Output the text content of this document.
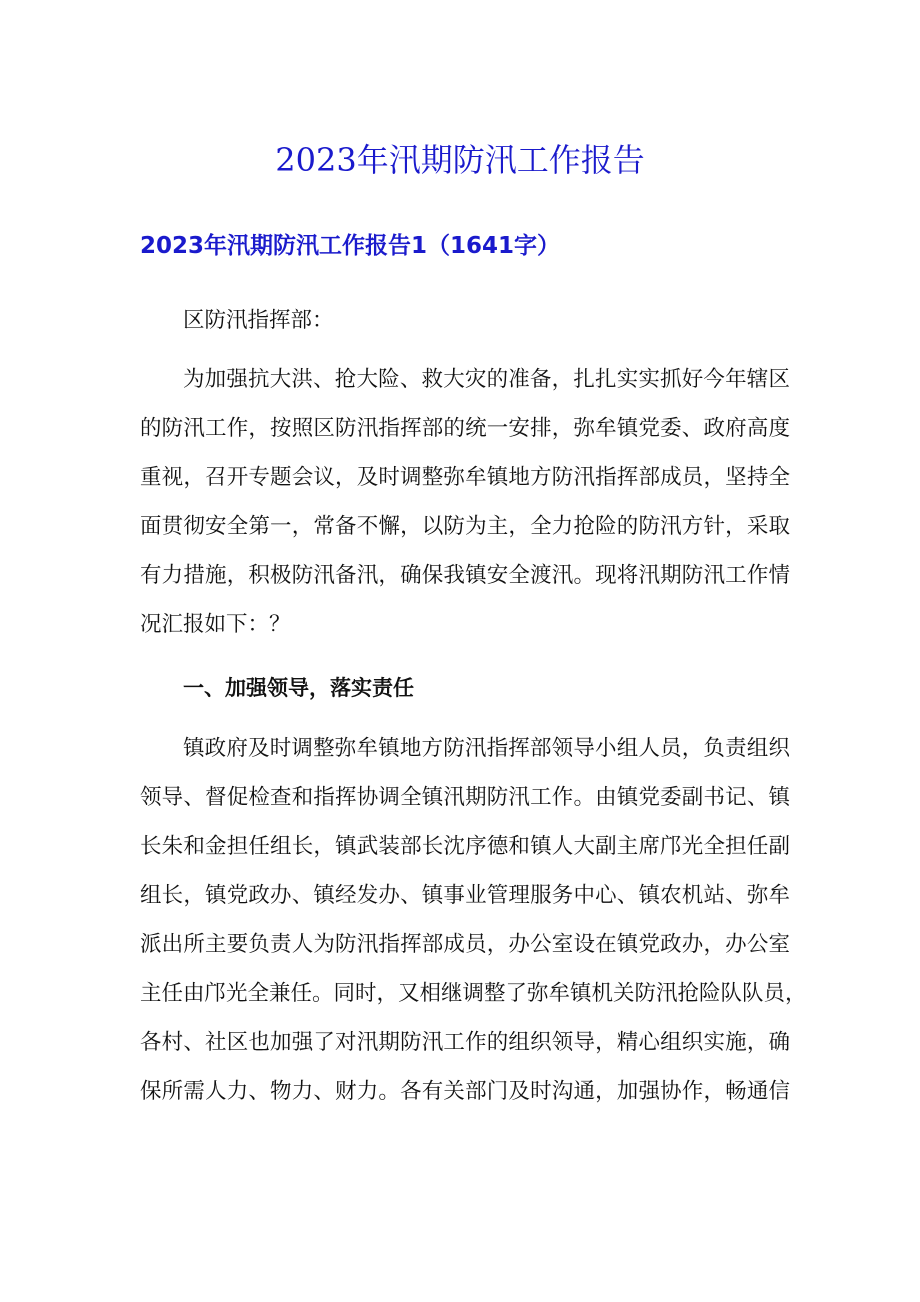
2023年汛期防汛工作报告
2023年汛期防汛工作报告1（1641字）

区防汛指挥部：

为加强抗大洪、抢大险、救大灾的准备，扎扎实实抓好今年辖区
的防汛工作，按照区防汛指挥部的统一安排，弥牟镇党委、政府高度
重视，召开专题会议，及时调整弥牟镇地方防汛指挥部成员，坚持全
面贯彻安全第一，常备不懈，以防为主，全力抢险的防汛方针，采取
有力措施，积极防汛备汛，确保我镇安全渡汛。现将汛期防汛工作情
况汇报如下：？

一、加强领导，落实责任

镇政府及时调整弥牟镇地方防汛指挥部领导小组人员，负责组织
领导、督促检查和指挥协调全镇汛期防汛工作。由镇党委副书记、镇
长朱和金担任组长，镇武装部长沈序德和镇人大副主席邝光全担任副
组长，镇党政办、镇经发办、镇事业管理服务中心、镇农机站、弥牟
派出所主要负责人为防汛指挥部成员，办公室设在镇党政办，办公室
主任由邝光全兼任。同时，又相继调整了弥牟镇机关防汛抢险队队员，
各村、社区也加强了对汛期防汛工作的组织领导，精心组织实施，确
保所需人力、物力、财力。各有关部门及时沟通，加强协作，畅通信
